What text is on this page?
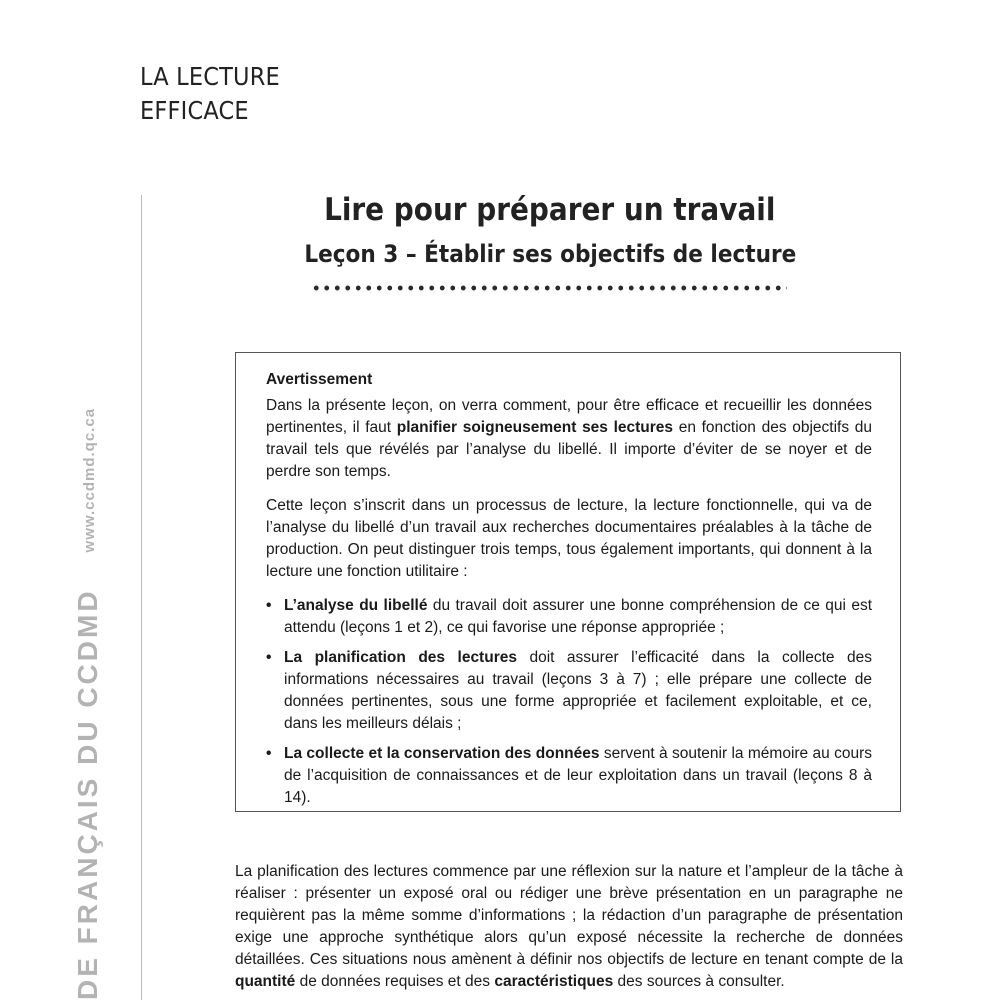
LA LECTURE
EFFICACE
DE FRANÇAIS DU CCDMDwww.ccdmd.qc.ca
Lire pour préparer un travail
Leçon 3 – Établir ses objectifs de lecture
Avertissement

Dans la présente leçon, on verra comment, pour être efficace et recueillir les données pertinentes, il faut planifier soigneusement ses lectures en fonction des objectifs du travail tels que révélés par l’analyse du libellé. Il importe d’éviter de se noyer et de perdre son temps.

Cette leçon s’inscrit dans un processus de lecture, la lecture fonctionnelle, qui va de l’analyse du libellé d’un travail aux recherches documentaires préalables à la tâche de production. On peut distinguer trois temps, tous également importants, qui donnent à la lecture une fonction utilitaire :

• L’analyse du libellé du travail doit assurer une bonne compréhension de ce qui est attendu (leçons 1 et 2), ce qui favorise une réponse appropriée ;
• La planification des lectures doit assurer l’efficacité dans la collecte des informations nécessaires au travail (leçons 3 à 7) ; elle prépare une collecte de données pertinentes, sous une forme appropriée et facilement exploitable, et ce, dans les meilleurs délais ;
• La collecte et la conservation des données servent à soutenir la mémoire au cours de l’acquisition de connaissances et de leur exploitation dans un travail (leçons 8 à 14).

La planification des lectures commence par une réflexion sur la nature et l’ampleur de la tâche à réaliser : présenter un exposé oral ou rédiger une brève présentation en un paragraphe ne requièrent pas la même somme d’informations ; la rédaction d’un paragraphe de présentation exige une approche synthétique alors qu’un exposé nécessite la recherche de données détaillées. Ces situations nous amènent à définir nos objectifs de lecture en tenant compte de la quantité de données requises et des caractéristiques des sources à consulter.
